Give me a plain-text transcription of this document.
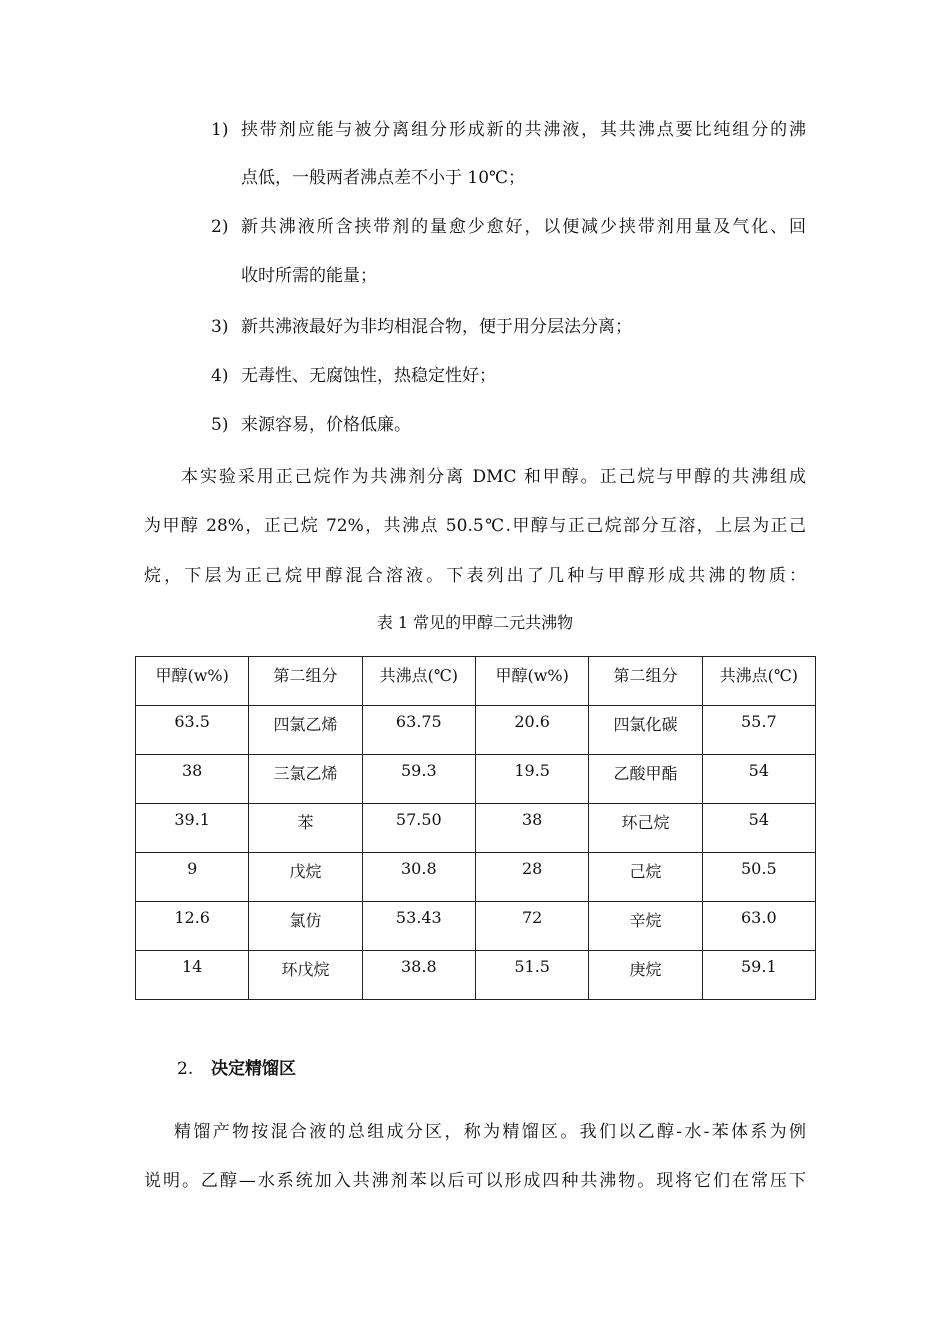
1) 挟带剂应能与被分离组分形成新的共沸液，其共沸点要比纯组分的沸
点低，一般两者沸点差不小于 10℃；
2) 新共沸液所含挟带剂的量愈少愈好，以便减少挟带剂用量及气化、回
收时所需的能量；
3) 新共沸液最好为非均相混合物，便于用分层法分离；
4) 无毒性、无腐蚀性，热稳定性好；
5) 来源容易，价格低廉。
本实验采用正己烷作为共沸剂分离 DMC 和甲醇。正己烷与甲醇的共沸组成
为甲醇 28%，正己烷 72%，共沸点 50.5℃.甲醇与正己烷部分互溶，上层为正己
烷，下层为正己烷甲醇混合溶液。下表列出了几种与甲醇形成共沸的物质：
表 1 常见的甲醇二元共沸物
甲醇(w%)	第二组分	共沸点(℃)	甲醇(w%)	第二组分	共沸点(℃)
63.5	四氯乙烯	63.75	20.6	四氯化碳	55.7
38	三氯乙烯	59.3	19.5	乙酸甲酯	54
39.1	苯	57.50	38	环己烷	54
9	戊烷	30.8	28	己烷	50.5
12.6	氯仿	53.43	72	辛烷	63.0
14	环戊烷	38.8	51.5	庚烷	59.1
2. 决定精馏区
精馏产物按混合液的总组成分区，称为精馏区。我们以乙醇-水-苯体系为例
说明。乙醇—水系统加入共沸剂苯以后可以形成四种共沸物。现将它们在常压下
